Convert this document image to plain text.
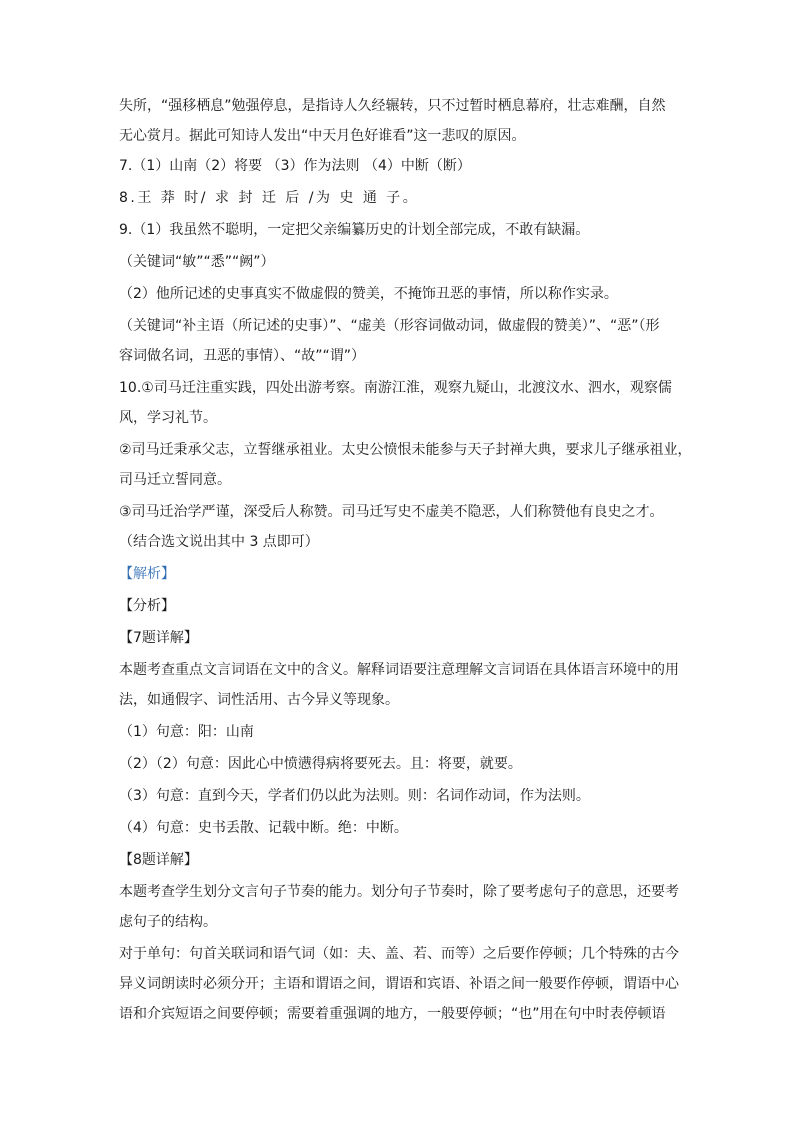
失所，“强移栖息”勉强停息，是指诗人久经辗转，只不过暂时栖息幕府，壮志难酬，自然

无心赏月。据此可知诗人发出“中天月色好谁看”这一悲叹的原因。

7.（1）山南（2）将要 （3）作为法则 （4）中断（断）

8.王 莽 时/ 求 封 迁 后 /为 史 通 子。

9.（1）我虽然不聪明，一定把父亲编纂历史的计划全部完成，不敢有缺漏。

（关键词“敏”“悉”“阙”）

（2）他所记述的史事真实不做虚假的赞美，不掩饰丑恶的事情，所以称作实录。

（关键词“补主语（所记述的史事）”、“虚美（形容词做动词，做虚假的赞美）”、“恶”（形

容词做名词，丑恶的事情）、“故”“谓”）

10.①司马迁注重实践，四处出游考察。南游江淮，观察九疑山，北渡汶水、泗水，观察儒

风，学习礼节。

②司马迁秉承父志，立誓继承祖业。太史公愤恨未能参与天子封禅大典，要求儿子继承祖业，

司马迁立誓同意。

③司马迁治学严谨，深受后人称赞。司马迁写史不虚美不隐恶，人们称赞他有良史之才。

（结合选文说出其中 3 点即可）

【解析】

【分析】

【7题详解】

本题考查重点文言词语在文中的含义。解释词语要注意理解文言词语在具体语言环境中的用

法，如通假字、词性活用、古今异义等现象。

（1）句意：阳：山南

（2）（2）句意：因此心中愤懑得病将要死去。且：将要，就要。

（3）句意：直到今天，学者们仍以此为法则。则：名词作动词，作为法则。

（4）句意：史书丢散、记载中断。绝：中断。

【8题详解】

本题考查学生划分文言句子节奏的能力。划分句子节奏时，除了要考虑句子的意思，还要考

虑句子的结构。

对于单句：句首关联词和语气词（如：夫、盖、若、而等）之后要作停顿；几个特殊的古今

异义词朗读时必须分开；主语和谓语之间，谓语和宾语、补语之间一般要作停顿，谓语中心

语和介宾短语之间要停顿；需要着重强调的地方，一般要停顿；“也”用在句中时表停顿语
